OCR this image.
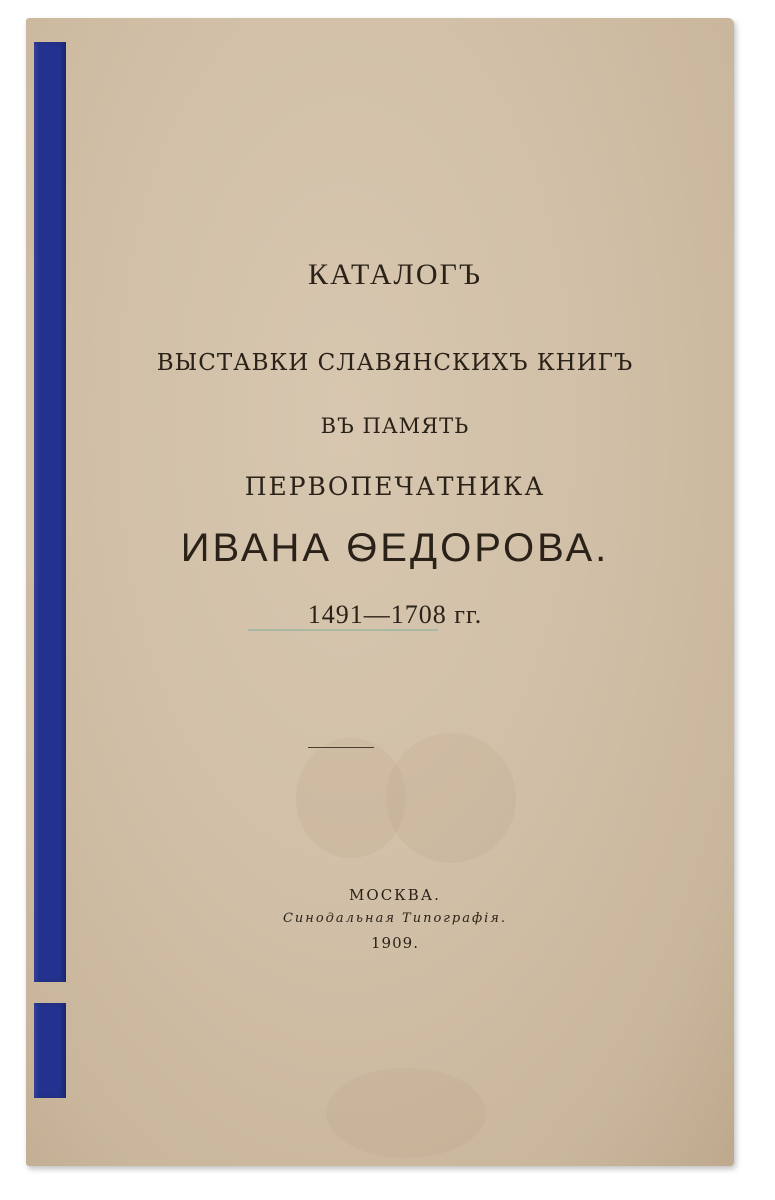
КАТАЛОГЪ
ВЫСТАВКИ СЛАВЯНСКИХЪ КНИГЪ
ВЪ ПАМЯТЬ
ПЕРВОПЕЧАТНИКА
ИВАНА ѲЕДОРОВА.
1491—1708 гг.
МОСКВА.
Синодальная Типографія.
1909.
